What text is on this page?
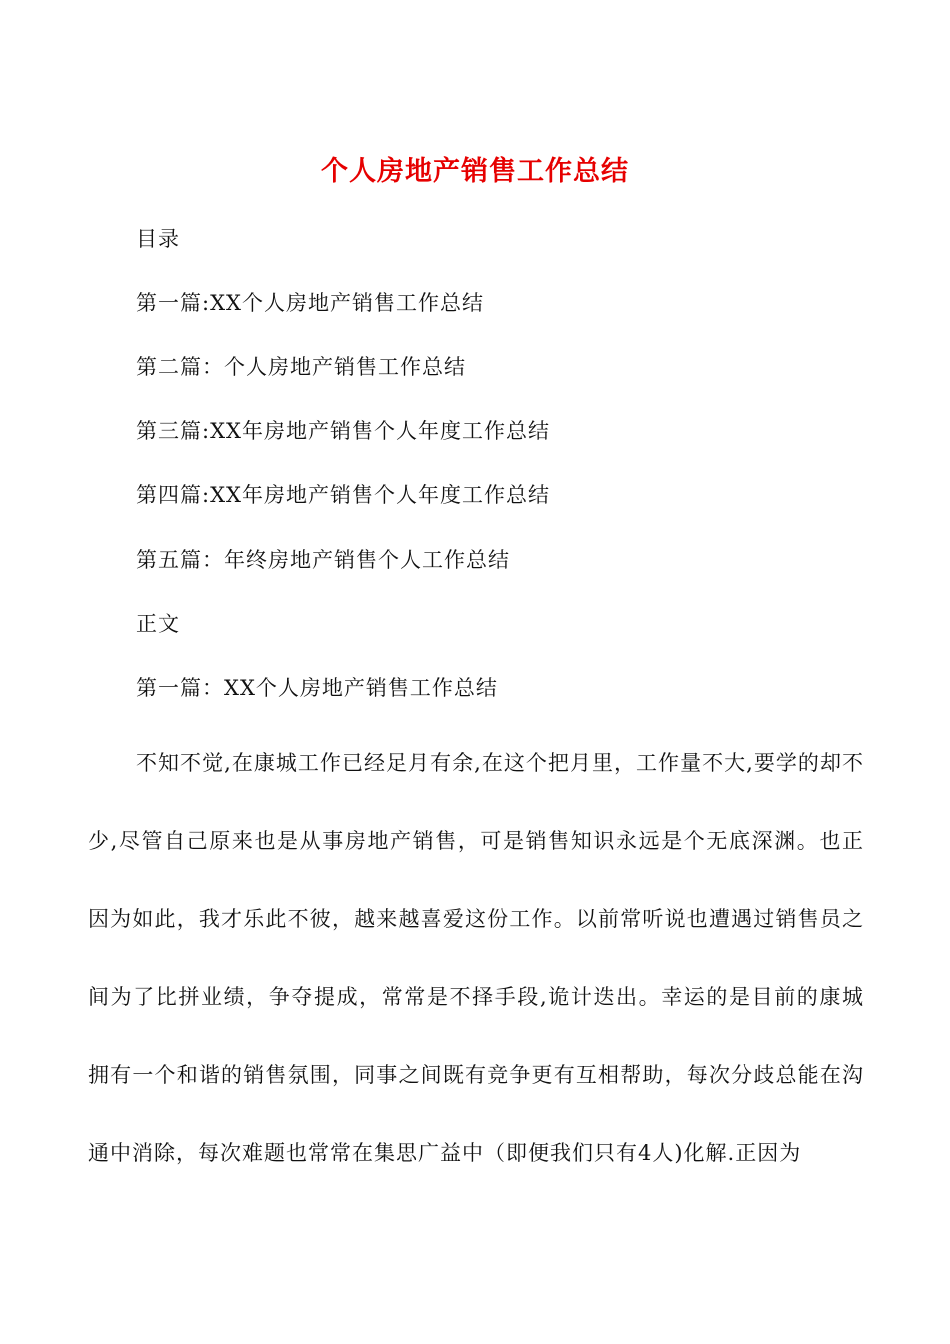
个人房地产销售工作总结
目录
第一篇:XX个人房地产销售工作总结
第二篇：个人房地产销售工作总结
第三篇:XX年房地产销售个人年度工作总结
第四篇:XX年房地产销售个人年度工作总结
第五篇：年终房地产销售个人工作总结
正文
第一篇：XX个人房地产销售工作总结

不知不觉,在康城工作已经足月有余,在这个把月里，工作量不大,要学的却不少,尽管自己原来也是从事房地产销售，可是销售知识永远是个无底深渊。也正因为如此，我才乐此不彼，越来越喜爱这份工作。以前常听说也遭遇过销售员之间为了比拼业绩，争夺提成，常常是不择手段,诡计迭出。幸运的是目前的康城拥有一个和谐的销售氛围，同事之间既有竞争更有互相帮助，每次分歧总能在沟通中消除，每次难题也常常在集思广益中（即便我们只有4人)化解.正因为
